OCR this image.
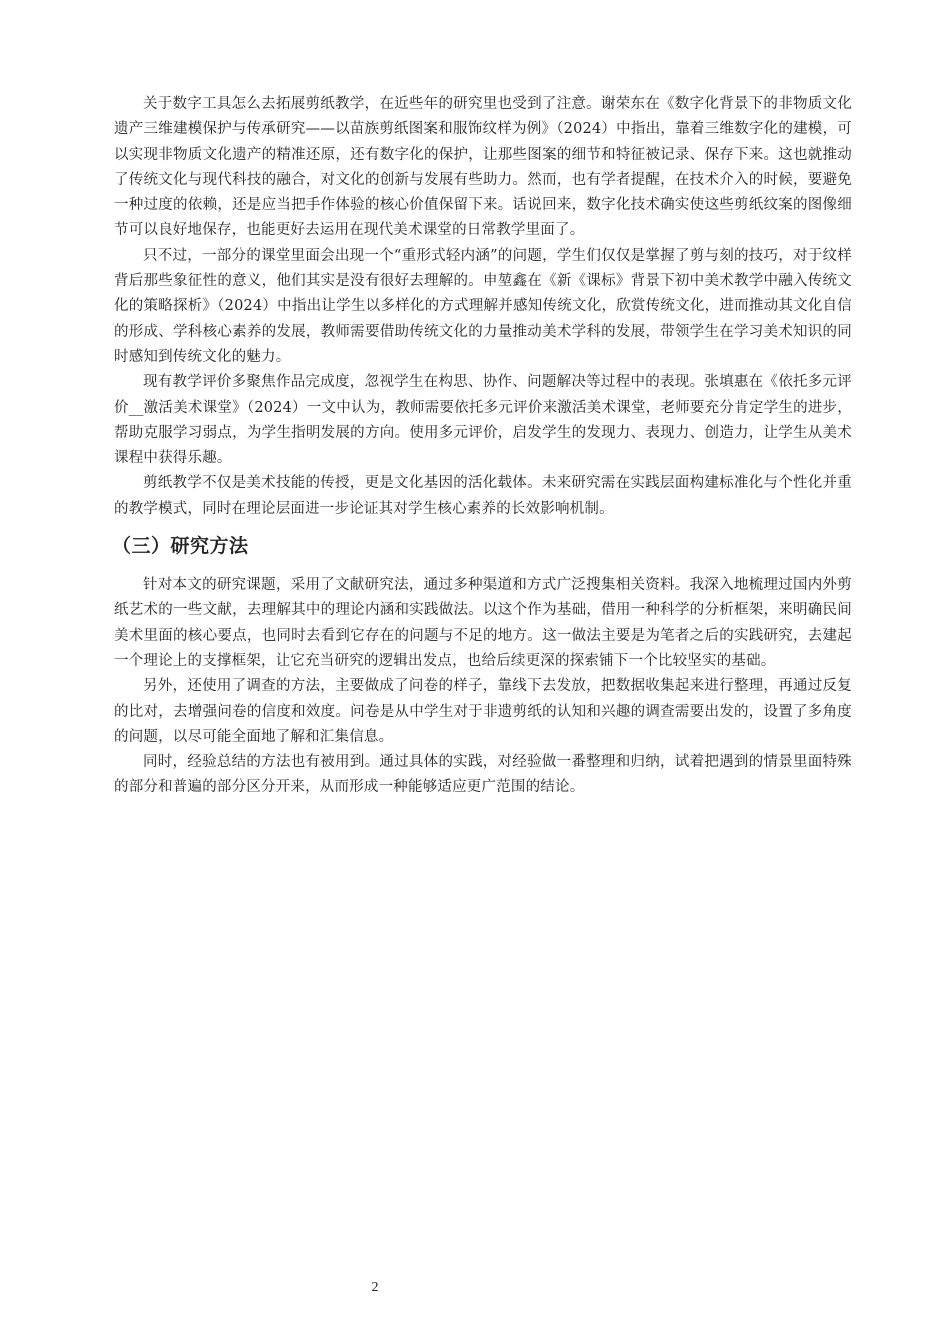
关于数字工具怎么去拓展剪纸教学，在近些年的研究里也受到了注意。谢荣东在《数字化背景下的非物质文化遗产三维建模保护与传承研究——以苗族剪纸图案和服饰纹样为例》（2024）中指出，靠着三维数字化的建模，可以实现非物质文化遗产的精准还原，还有数字化的保护，让那些图案的细节和特征被记录、保存下来。这也就推动了传统文化与现代科技的融合，对文化的创新与发展有些助力。然而，也有学者提醒，在技术介入的时候，要避免一种过度的依赖，还是应当把手作体验的核心价值保留下来。话说回来，数字化技术确实使这些剪纸纹案的图像细节可以良好地保存，也能更好去运用在现代美术课堂的日常教学里面了。

只不过，一部分的课堂里面会出现一个“重形式轻内涵”的问题，学生们仅仅是掌握了剪与刻的技巧，对于纹样背后那些象征性的意义，他们其实是没有很好去理解的。申堃鑫在《新《课标》背景下初中美术教学中融入传统文化的策略探析》（2024）中指出让学生以多样化的方式理解并感知传统文化，欣赏传统文化，进而推动其文化自信的形成、学科核心素养的发展，教师需要借助传统文化的力量推动美术学科的发展，带领学生在学习美术知识的同时感知到传统文化的魅力。

现有教学评价多聚焦作品完成度，忽视学生在构思、协作、问题解决等过程中的表现。张填惠在《依托多元评价__激活美术课堂》（2024）一文中认为，教师需要依托多元评价来激活美术课堂，老师要充分肯定学生的进步，帮助克服学习弱点，为学生指明发展的方向。使用多元评价，启发学生的发现力、表现力、创造力，让学生从美术课程中获得乐趣。

剪纸教学不仅是美术技能的传授，更是文化基因的活化载体。未来研究需在实践层面构建标准化与个性化并重的教学模式，同时在理论层面进一步论证其对学生核心素养的长效影响机制。

（三）研究方法

针对本文的研究课题，采用了文献研究法，通过多种渠道和方式广泛搜集相关资料。我深入地梳理过国内外剪纸艺术的一些文献，去理解其中的理论内涵和实践做法。以这个作为基础，借用一种科学的分析框架，来明确民间美术里面的核心要点，也同时去看到它存在的问题与不足的地方。这一做法主要是为笔者之后的实践研究，去建起一个理论上的支撑框架，让它充当研究的逻辑出发点，也给后续更深的探索铺下一个比较坚实的基础。

另外，还使用了调查的方法，主要做成了问卷的样子，靠线下去发放，把数据收集起来进行整理，再通过反复的比对，去增强问卷的信度和效度。问卷是从中学生对于非遗剪纸的认知和兴趣的调查需要出发的，设置了多角度的问题，以尽可能全面地了解和汇集信息。

同时，经验总结的方法也有被用到。通过具体的实践，对经验做一番整理和归纳，试着把遇到的情景里面特殊的部分和普遍的部分区分开来，从而形成一种能够适应更广范围的结论。

2
